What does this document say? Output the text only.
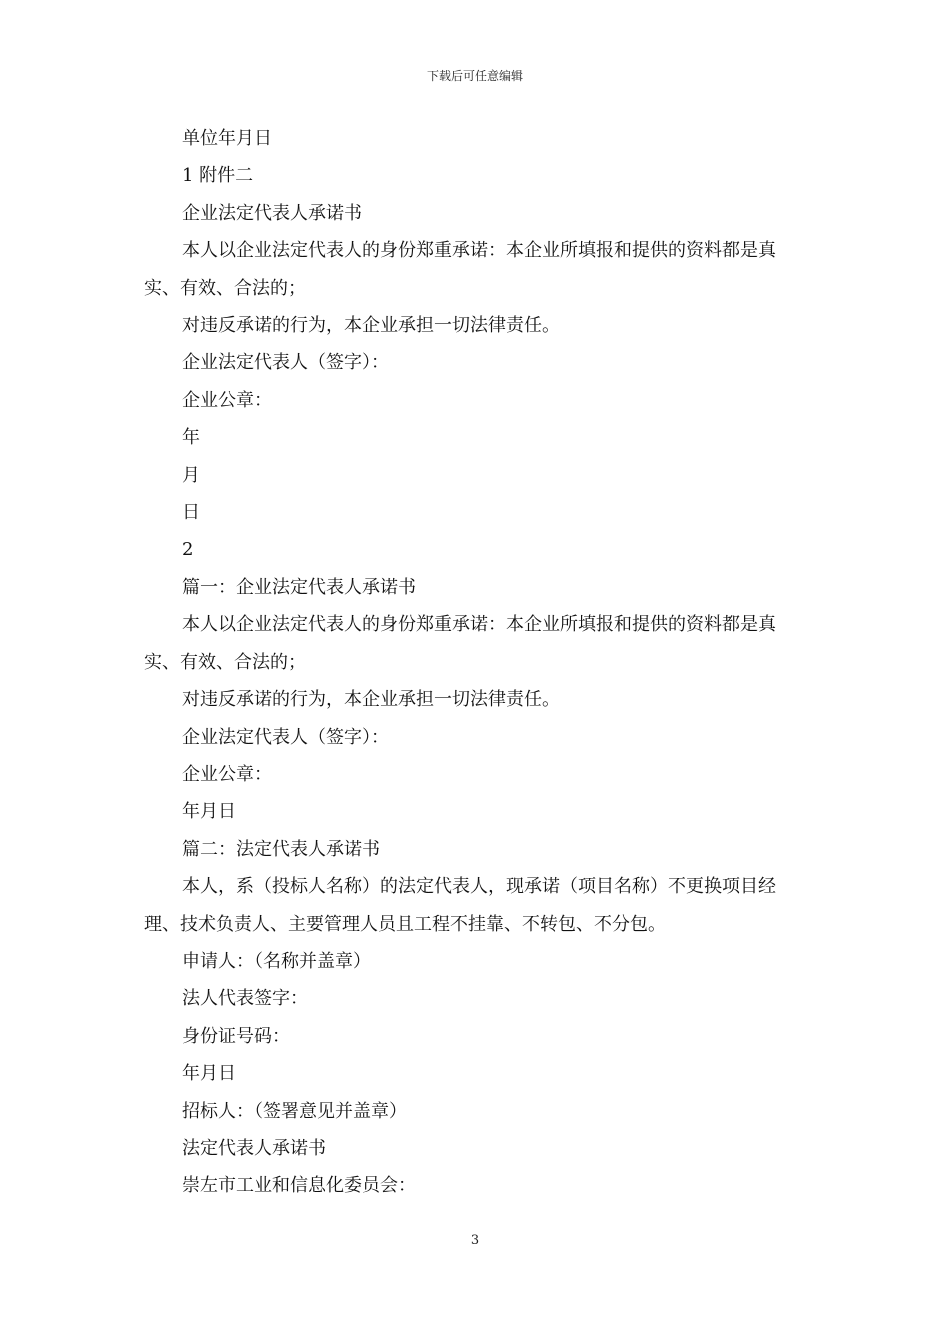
下载后可任意编辑

单位年月日

1 附件二

企业法定代表人承诺书

本人以企业法定代表人的身份郑重承诺：本企业所填报和提供的资料都是真实、有效、合法的；

对违反承诺的行为，本企业承担一切法律责任。

企业法定代表人（签字）：

企业公章：

年

月

日

2

篇一：企业法定代表人承诺书

本人以企业法定代表人的身份郑重承诺：本企业所填报和提供的资料都是真实、有效、合法的；

对违反承诺的行为，本企业承担一切法律责任。

企业法定代表人（签字）：

企业公章：

年月日

篇二：法定代表人承诺书

本人，系（投标人名称）的法定代表人，现承诺（项目名称）不更换项目经理、技术负责人、主要管理人员且工程不挂靠、不转包、不分包。

申请人：（名称并盖章）

法人代表签字：

身份证号码：

年月日

招标人：（签署意见并盖章）

法定代表人承诺书

崇左市工业和信息化委员会：

3
